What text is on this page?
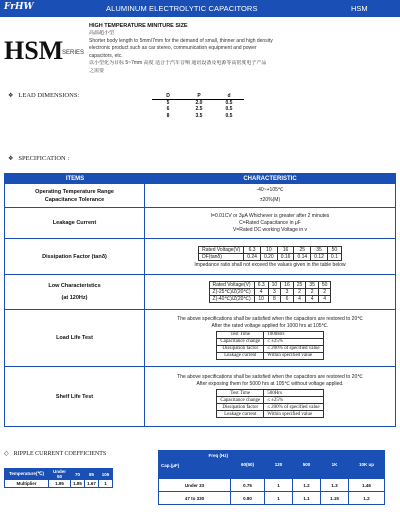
FrHW	ALUMINUM ELECTROLYTIC CAPACITORS	HSM
HSM
SERIES
HIGH TEMPERATURE MINITURE SIZE
高温超小型
Shorter body length to 5mm/7mm for the demand of small, thinner and high density
electronic product such as car stereo, communication equipment and power
capacitors, etc.
以小型化为目标 5~7mm 高度 适合于汽车音响 通讯设备及电源等高密度电子产品
之需要
❖ LEAD DIMENSIONS:	D	P	d
5	2.0	0.5
6	2.5	0.5
8	3.5	0.5
❖ SPECIFICATION :
ITEMS	CHARACTERISTIC
Operating Temperature Range
Capacitance Tolerance
-40~+105℃
±20%(M)
Leakage Current
I=0.01CV or 3μA Whichever is greater after 2 minutes
C=Rated Capacitance in μF
V=Rated DC working Voltage in v
Dissipation Factor (tanδ)
Rated Voltage(V)	6.3	10	16	25	35	50
DF(tanδ)	0.24	0.20	0.16	0.14	0.12	0.1
Impedance ratio shall not exceed the values given in the table below
Low Characteristics
(at 120Hz)
Rated Voltage(V)	6.3	10	16	25	35	50
Z(-25℃)/Z(20℃)	4	3	3	2	2	2
Z(-40℃)/Z(20℃)	10	8	6	4	4	4
Load Life Test
The above specifications shall be satisfied when the capacitors are restored to 20℃
After the rated voltage applied for 1000 hrs at 105℃.
Test Time	1000Hrs
Capacitance change	≤ ±25%
Dissipation factor	≤ 200% of specified value
Leakage current	Within specified value
Shelf Life Test
The above specifications shall be satisfied when the capacitors are restored to 20℃
After exposing them for 5000 hrs at 105℃ without voltage applied.
Test Time	500Hrs
Capacitance change	≤ ±25%
Dissipation factor	≤ 200% of specified value
Leakage current	Within specified value
◇ RIPPLE CURRENT COEFFICIENTS
Temperature(℃)	Under 50	70	85	105
Multiplier	1.95	1.85	1.67	1
Freq (Hz)
Cap.(μF)	60(50)	120	500	1K	10K up
Under 33	0.75	1	1.2	1.3	1.46
47 to 330	0.80	1	1.1	1.15	1.2
